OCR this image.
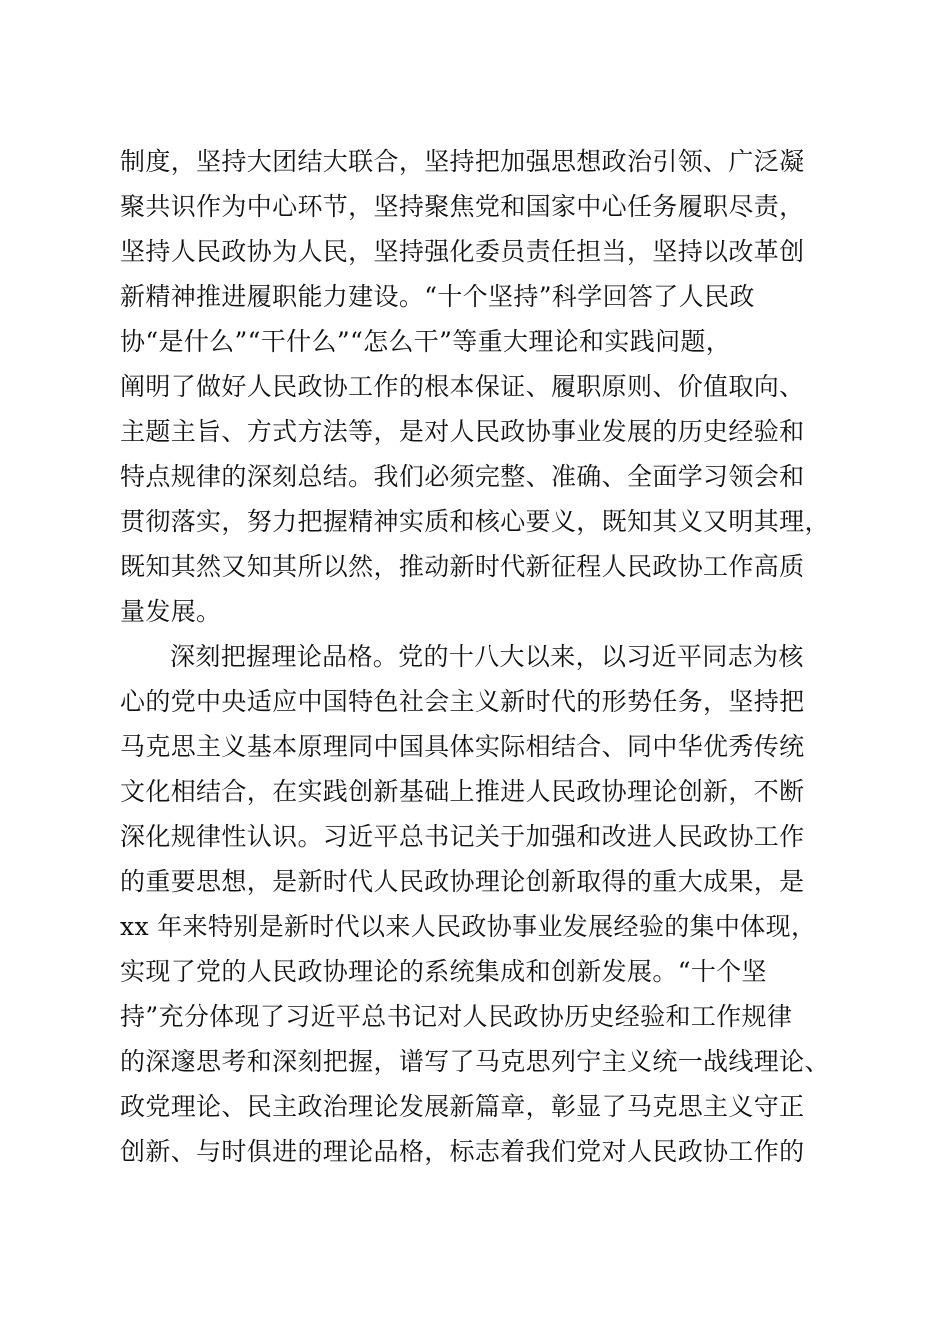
制度，坚持大团结大联合，坚持把加强思想政治引领、广泛凝
聚共识作为中心环节，坚持聚焦党和国家中心任务履职尽责，
坚持人民政协为人民，坚持强化委员责任担当，坚持以改革创
新精神推进履职能力建设。“十个坚持”科学回答了人民政
协“是什么”“干什么”“怎么干”等重大理论和实践问题，
阐明了做好人民政协工作的根本保证、履职原则、价值取向、
主题主旨、方式方法等，是对人民政协事业发展的历史经验和
特点规律的深刻总结。我们必须完整、准确、全面学习领会和
贯彻落实，努力把握精神实质和核心要义，既知其义又明其理，
既知其然又知其所以然，推动新时代新征程人民政协工作高质
量发展。
深刻把握理论品格。党的十八大以来，以习近平同志为核
心的党中央适应中国特色社会主义新时代的形势任务，坚持把
马克思主义基本原理同中国具体实际相结合、同中华优秀传统
文化相结合，在实践创新基础上推进人民政协理论创新，不断
深化规律性认识。习近平总书记关于加强和改进人民政协工作
的重要思想，是新时代人民政协理论创新取得的重大成果，是
xx 年来特别是新时代以来人民政协事业发展经验的集中体现，
实现了党的人民政协理论的系统集成和创新发展。“十个坚
持”充分体现了习近平总书记对人民政协历史经验和工作规律
的深邃思考和深刻把握，谱写了马克思列宁主义统一战线理论、
政党理论、民主政治理论发展新篇章，彰显了马克思主义守正
创新、与时俱进的理论品格，标志着我们党对人民政协工作的
